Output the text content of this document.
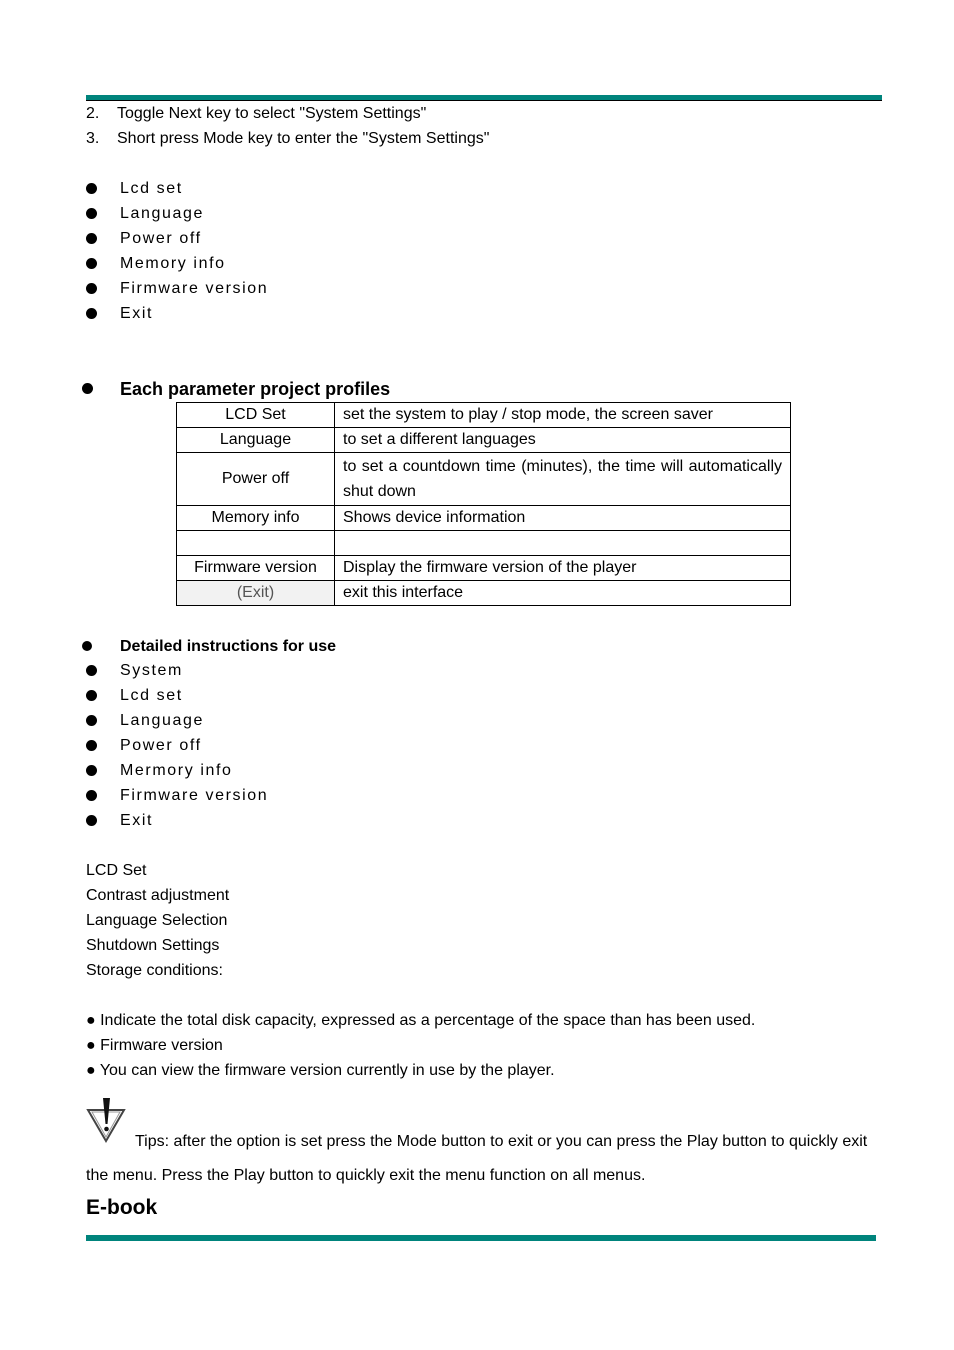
2. Toggle Next key to select "System Settings"
3. Short press Mode key to enter the "System Settings"
Lcd set
Language
Power off
Memory info
Firmware version
Exit
Each parameter project profiles
LCD Set	set the system to play / stop mode, the screen saver
Language	to set a different languages
Power off	to set a countdown time (minutes), the time will automatically shut down
Memory info	Shows device information

Firmware version	Display the firmware version of the player
(Exit)	exit this interface
Detailed instructions for use
System
Lcd set
Language
Power off
Mermory info
Firmware version
Exit
LCD Set
Contrast adjustment
Language Selection
Shutdown Settings
Storage conditions:
● Indicate the total disk capacity, expressed as a percentage of the space than has been used.
● Firmware version
● You can view the firmware version currently in use by the player.
Tips: after the option is set press the Mode button to exit or you can press the Play button to quickly exit the menu. Press the Play button to quickly exit the menu function on all menus.
E-book
